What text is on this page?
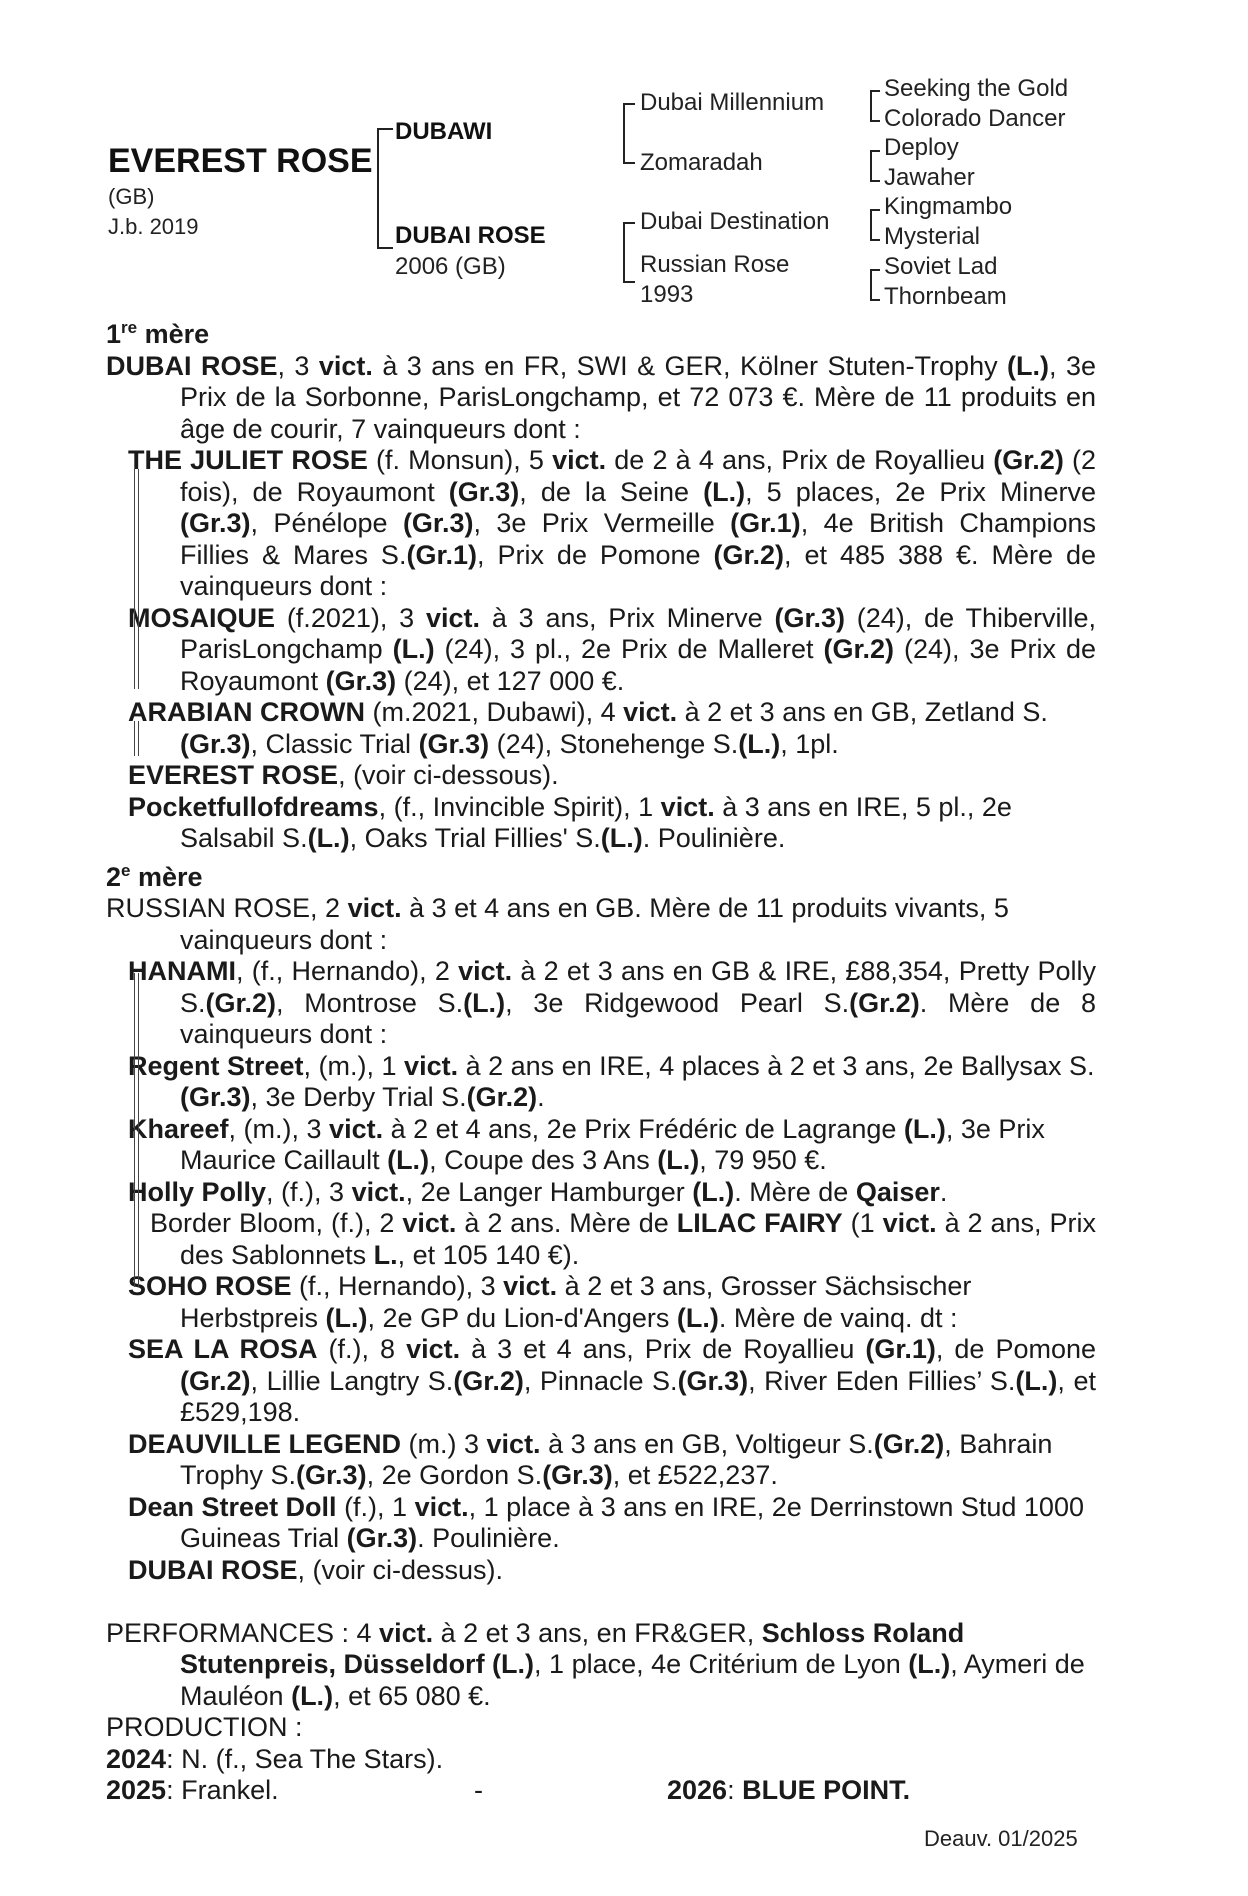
EVEREST ROSE
(GB)
J.b. 2019
DUBAWI
DUBAI ROSE
2006 (GB)
Dubai Millennium
Zomaradah
Dubai Destination
Russian Rose
1993
Seeking the Gold
Colorado Dancer
Deploy
Jawaher
Kingmambo
Mysterial
Soviet Lad
Thornbeam

1re mère

DUBAI ROSE, 3 vict. à 3 ans en FR, SWI & GER, Kölner Stuten-Trophy (L.), 3e Prix de la Sorbonne, ParisLongchamp, et 72 073 €. Mère de 11 produits en âge de courir, 7 vainqueurs dont :

THE JULIET ROSE (f. Monsun), 5 vict. de 2 à 4 ans, Prix de Royallieu (Gr.2) (2 fois), de Royaumont (Gr.3), de la Seine (L.), 5 places, 2e Prix Minerve (Gr.3), Pénélope (Gr.3), 3e Prix Vermeille (Gr.1), 4e British Champions Fillies & Mares S.(Gr.1), Prix de Pomone (Gr.2), et 485 388 €. Mère de vainqueurs dont :

MOSAIQUE (f.2021), 3 vict. à 3 ans, Prix Minerve (Gr.3) (24), de Thiberville, ParisLongchamp (L.) (24), 3 pl., 2e Prix de Malleret (Gr.2) (24), 3e Prix de Royaumont (Gr.3) (24), et 127 000 €.

ARABIAN CROWN (m.2021, Dubawi), 4 vict. à 2 et 3 ans en GB, Zetland S.(Gr.3), Classic Trial (Gr.3) (24), Stonehenge S.(L.), 1pl.

EVEREST ROSE, (voir ci-dessous).

Pocketfullofdreams, (f., Invincible Spirit), 1 vict. à 3 ans en IRE, 5 pl., 2e Salsabil S.(L.), Oaks Trial Fillies' S.(L.). Poulinière.

2e mère

RUSSIAN ROSE, 2 vict. à 3 et 4 ans en GB. Mère de 11 produits vivants, 5 vainqueurs dont :

HANAMI, (f., Hernando), 2 vict. à 2 et 3 ans en GB & IRE, £88,354, Pretty Polly S.(Gr.2), Montrose S.(L.), 3e Ridgewood Pearl S.(Gr.2). Mère de 8 vainqueurs dont :

Regent Street, (m.), 1 vict. à 2 ans en IRE, 4 places à 2 et 3 ans, 2e Ballysax S.(Gr.3), 3e Derby Trial S.(Gr.2).

Khareef, (m.), 3 vict. à 2 et 4 ans, 2e Prix Frédéric de Lagrange (L.), 3e Prix Maurice Caillault (L.), Coupe des 3 Ans (L.), 79 950 €.

Holly Polly, (f.), 3 vict., 2e Langer Hamburger (L.). Mère de Qaiser.

Border Bloom, (f.), 2 vict. à 2 ans. Mère de LILAC FAIRY (1 vict. à 2 ans, Prix des Sablonnets L., et 105 140 €).

SOHO ROSE (f., Hernando), 3 vict. à 2 et 3 ans, Grosser Sächsischer Herbstpreis (L.), 2e GP du Lion-d'Angers (L.). Mère de vainq. dt :

SEA LA ROSA (f.), 8 vict. à 3 et 4 ans, Prix de Royallieu (Gr.1), de Pomone (Gr.2), Lillie Langtry S.(Gr.2), Pinnacle S.(Gr.3), River Eden Fillies’ S.(L.), et £529,198.

DEAUVILLE LEGEND (m.) 3 vict. à 3 ans en GB, Voltigeur S.(Gr.2), Bahrain Trophy S.(Gr.3), 2e Gordon S.(Gr.3), et £522,237.

Dean Street Doll (f.), 1 vict., 1 place à 3 ans en IRE, 2e Derrinstown Stud 1000 Guineas Trial (Gr.3). Poulinière.

DUBAI ROSE, (voir ci-dessus).

PERFORMANCES : 4 vict. à 2 et 3 ans, en FR&GER, Schloss Roland Stutenpreis, Düsseldorf (L.), 1 place, 4e Critérium de Lyon (L.), Aymeri de Mauléon (L.), et 65 080 €.

PRODUCTION :

2024: N. (f., Sea The Stars).
2025: Frankel.	-	2026: BLUE POINT.
Deauv. 01/2025
